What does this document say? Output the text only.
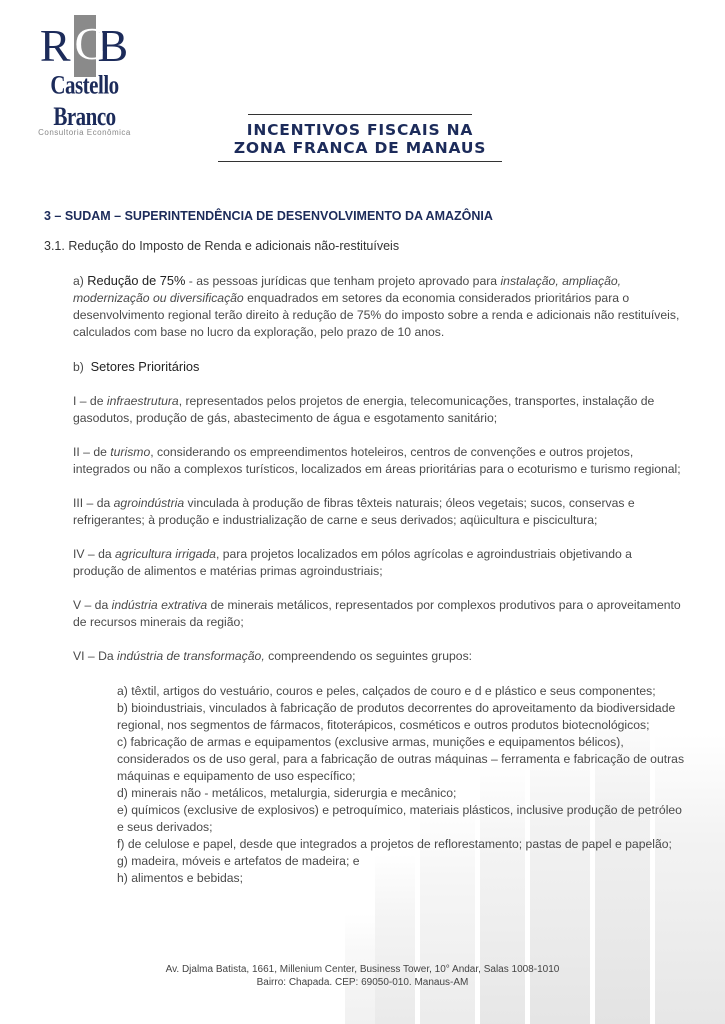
R C
B
Castello Branco
Consultoria Econômica	INCENTIVOS FISCAIS NA
ZONA FRANCA DE MANAUS

3 – SUDAM – SUPERINTENDÊNCIA DE DESENVOLVIMENTO DA AMAZÔNIA

3.1. Redução do Imposto de Renda e adicionais não-restituíveis

a) Redução de 75% - as pessoas jurídicas que tenham projeto aprovado para instalação, ampliação, modernização ou diversificação enquadrados em setores da economia considerados prioritários para o desenvolvimento regional terão direito à redução de 75% do imposto sobre a renda e adicionais não restituíveis, calculados com base no lucro da exploração, pelo prazo de 10 anos.

b) Setores Prioritários

I – de infraestrutura, representados pelos projetos de energia, telecomunicações, transportes, instalação de gasodutos, produção de gás, abastecimento de água e esgotamento sanitário;

II – de turismo, considerando os empreendimentos hoteleiros, centros de convenções e outros projetos, integrados ou não a complexos turísticos, localizados em áreas prioritárias para o ecoturismo e turismo regional;

III – da agroindústria vinculada à produção de fibras têxteis naturais; óleos vegetais; sucos, conservas e refrigerantes; à produção e industrialização de carne e seus derivados; aqüicultura e piscicultura;

IV – da agricultura irrigada, para projetos localizados em pólos agrícolas e agroindustriais objetivando a produção de alimentos e matérias primas agroindustriais;

V – da indústria extrativa de minerais metálicos, representados por complexos produtivos para o aproveitamento de recursos minerais da região;

VI – Da indústria de transformação, compreendendo os seguintes grupos:

a) têxtil, artigos do vestuário, couros e peles, calçados de couro e d e plástico e seus componentes;

b) bioindustriais, vinculados à fabricação de produtos decorrentes do aproveitamento da biodiversidade regional, nos segmentos de fármacos, fitoterápicos, cosméticos e outros produtos biotecnológicos;

c) fabricação de armas e equipamentos (exclusive armas, munições e equipamentos bélicos), considerados os de uso geral, para a fabricação de outras máquinas – ferramenta e fabricação de outras máquinas e equipamento de uso específico;

d) minerais não - metálicos, metalurgia, siderurgia e mecânico;

e) químicos (exclusive de explosivos) e petroquímico, materiais plásticos, inclusive produção de petróleo e seus derivados;

f) de celulose e papel, desde que integrados a projetos de reflorestamento; pastas de papel e papelão;

g) madeira, móveis e artefatos de madeira; e

h) alimentos e bebidas;

Av. Djalma Batista, 1661, Millenium Center, Business Tower, 10° Andar, Salas 1008-1010
Bairro: Chapada. CEP: 69050-010. Manaus-AM
